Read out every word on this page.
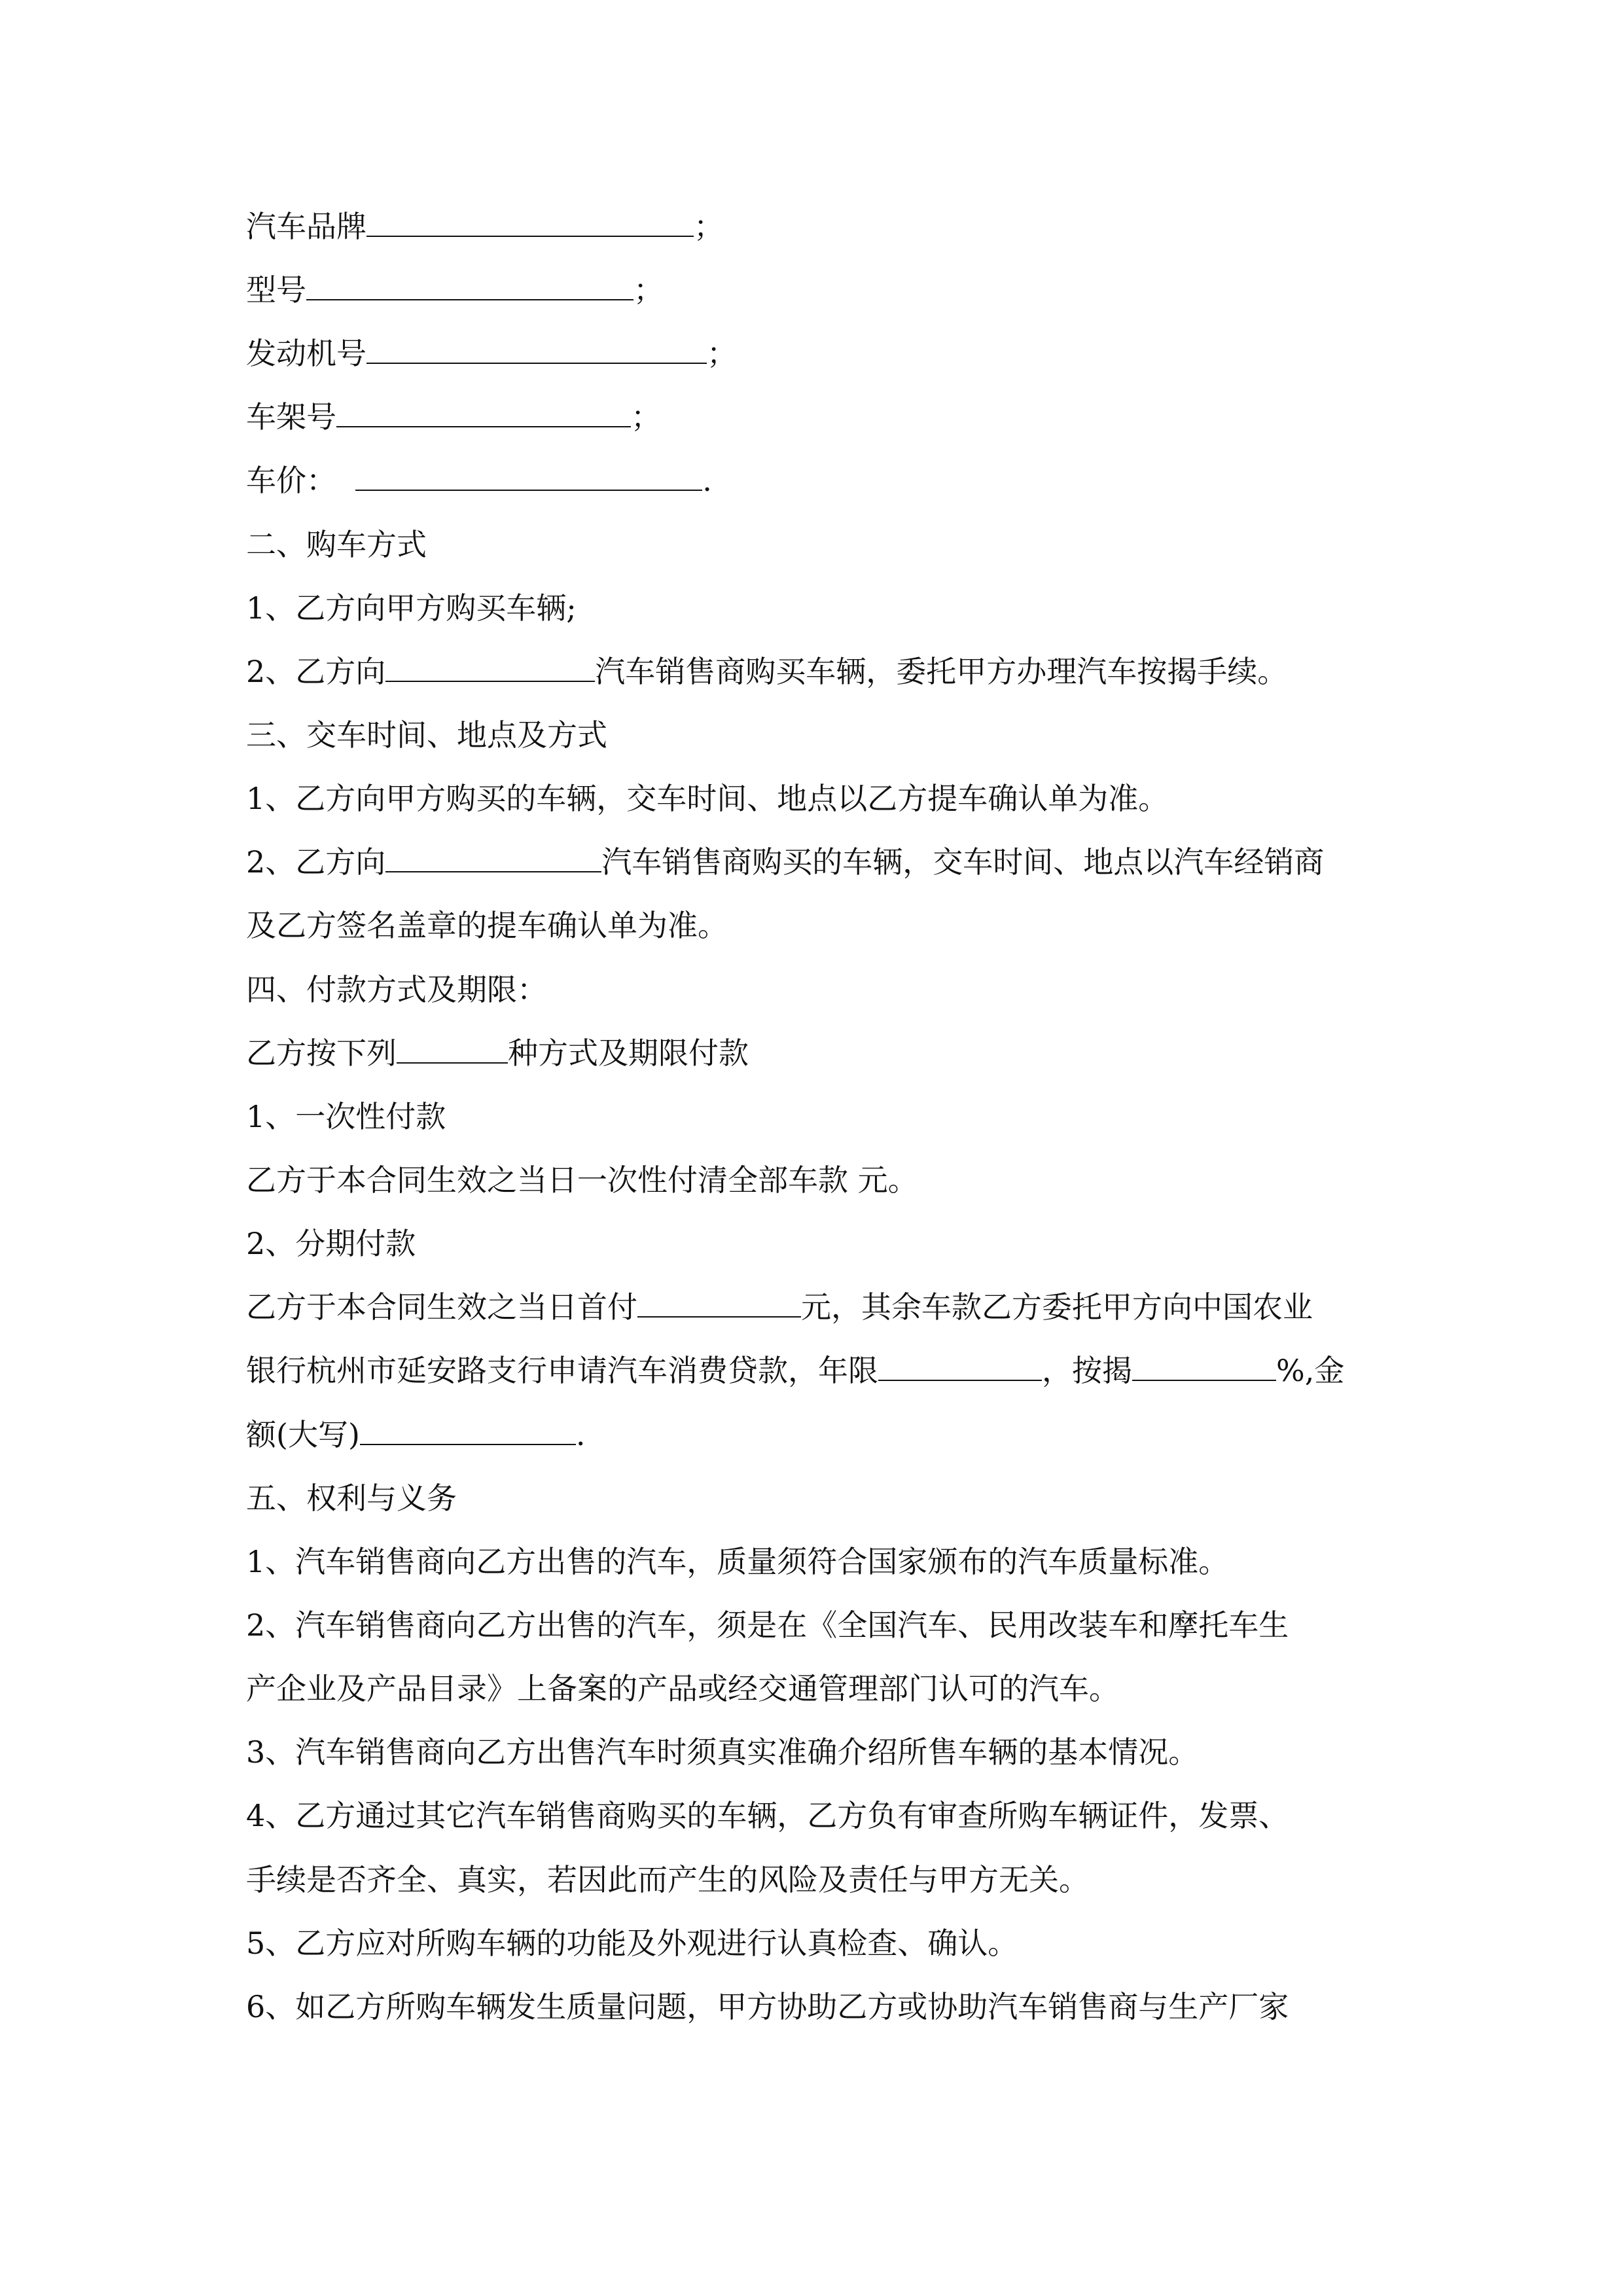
汽车品牌	；
型号	；
发动机号	；
车架号	；
车价：	.
二、购车方式
1、乙方向甲方购买车辆;
2、乙方向	汽车销售商购买车辆，委托甲方办理汽车按揭手续。
三、交车时间、地点及方式
1、乙方向甲方购买的车辆，交车时间、地点以乙方提车确认单为准。
2、乙方向	汽车销售商购买的车辆，交车时间、地点以汽车经销商
及乙方签名盖章的提车确认单为准。
四、付款方式及期限：
乙方按下列	种方式及期限付款
1、一次性付款
乙方于本合同生效之当日一次性付清全部车款 元。
2、分期付款
乙方于本合同生效之当日首付	元，其余车款乙方委托甲方向中国农业
银行杭州市延安路支行申请汽车消费贷款，年限	，按揭	%,金
额(大写)	.
五、权利与义务
1、汽车销售商向乙方出售的汽车，质量须符合国家颁布的汽车质量标准。
2、汽车销售商向乙方出售的汽车，须是在《全国汽车、民用改装车和摩托车生
产企业及产品目录》上备案的产品或经交通管理部门认可的汽车。
3、汽车销售商向乙方出售汽车时须真实准确介绍所售车辆的基本情况。
4、乙方通过其它汽车销售商购买的车辆，乙方负有审查所购车辆证件，发票、
手续是否齐全、真实，若因此而产生的风险及责任与甲方无关。
5、乙方应对所购车辆的功能及外观进行认真检查、确认。
6、如乙方所购车辆发生质量问题，甲方协助乙方或协助汽车销售商与生产厂家
